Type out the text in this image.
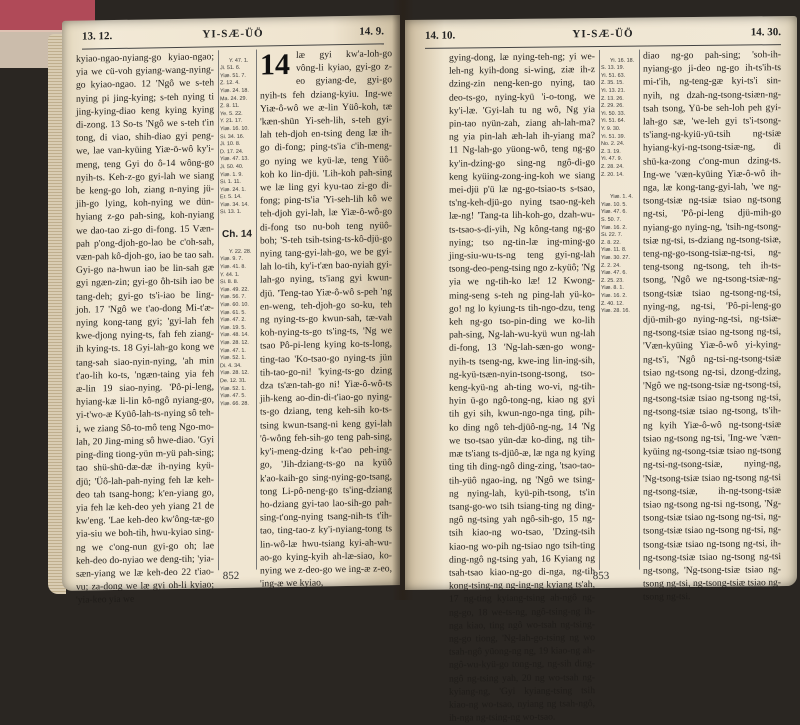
13. 12.	YI-SÆ-ÜÖ	14. 9.

kyiao-ngao-nyiang-go kyiao-ngao; yia we cü-voh gyiang-wang-nying-go kyiao-ngao. 12 'Ngô we s-teh nying pi jing-kying; s-teh nying ti jing-kying-diao keng kying kying di-zong. 13 So-ts 'Ngô we s-teh t'in tong, di viao, shih-diao gyi peng-we, lae van-kyüing Yiæ-ö-wô ky'i-meng, teng Gyi do ô-14 wông-go nyih-ts. Keh-z-go gyi-lah we siang be keng-go loh, ziang n-nying jü-jih-go lying, koh-nying we dün-hyiang z-go pah-sing, koh-nyiang we dao-tao zi-go di-fong. 15 Væn-pah p'ong-djoh-go-lao be c'oh-sah, væn-pah kô-djoh-go, iao be tao sah. Gyi-go na-hwun iao be lin-sah gæ gyi ngæn-zin; gyi-go ôh-tsih iao be tang-deh; gyi-go ts'i-iao be ling-joh. 17 'Ngô we t'ao-dong Mi-t'æ-nying kong-tang gyi; 'gyi-lah feh kwe-djong nying-ts, fah feh ziang-ih kying-ts. 18 Gyi-lah-go kong we tang-sah siao-nyin-nying, 'ah min t'ao-lih ko-ts, 'ngæn-taing yia feh æ-lin 19 siao-nying. 'Pô-pi-leng, hyiang-kæ li-lin kô-ngô nyiang-go, yi-t'wo-æ Kyüô-lah-ts-nying sô teh-i, we ziang Sô-to-mô teng Ngo-mo-lah, 20 Jing-ming sô hwe-diao. 'Gyi ping-ding tiong-yün m-yü pah-sing; tao shü-shü-dæ-dæ ih-nying kyü-djü; 'Üô-lah-pah-nying feh læ keh-deo tah tsang-hong; k'en-yiang go, yia feh læ keh-deo yeh yiang 21 de kw'eng. 'Lae keh-deo kw'ông-tæ-go yia-siu we boh-tih, hwu-kyiao sing-ng we c'ong-nun gyi-go oh; lae keh-deo do-nyiao we deng-tih; 'yia-sæn-yiang we læ keh-deo 22 t'iao-vu; za-dong we læ gyi oh-li kyiao; 'yia-keo yia we

Y. 47. 1.
Ji. 51. 6.
Yiæ. 51. 7.
Z. 12. 4.
Yiæ. 24. 18.
Ma. 24. 29.
Z. 8. 11.
Ye. 5. 22.
Y. 21. 17.
Yiæ. 16. 10.
Si. 34. 16.
Ji. 10. 8.
D. 17. 24.
Yiæ. 47. 13.
Ji. 50. 40.
Yiæ. 1. 9.
Si. 1. 11.
Yiæ. 24. 1.
Er. 5. 14.
Yiæ. 34. 14.
Si. 13. 1.

Ch. 14

Y. 22. 28.
Yiæ. 9. 7.
Yiæ. 41. 8.
Y. 44. 1.
Si. 8. 8.
Yiæ. 49. 22.
Yiæ. 56. 7.
Yiæ. 60. 10.
Yiæ. 61. 5.
Yiæ. 47. 2.
Yiæ. 19. 5.
Yiæ. 48. 14.
Yiæ. 28. 12.
Yiæ. 47. 1.
Yiæ. 52. 1.
Di. 4. 34.
Yiæ. 28. 12.
De. 12. 31.
Yiæ. 52. 1.
Yiæ. 47. 5.
Yiæ. 66. 28.

14 læ gyi kw'a-loh-go vông-li kyiao, gyi-go z-eo gyiang-de, gyi-go nyih-ts feh dziang-kyiu. Ing-we Yiæ-ô-wô we æ-lin Yüô-koh, tæ 'kæn-shün Yi-seh-lih, s-teh gyi-lah teh-djoh en-tsing deng læ ih-go di-fong; ping-ts'ia c'ih-meng-go nying we kyü-læ, teng Yüô-koh ko lin-djü. 'Lih-koh pah-sing we læ ling gyi kyu-tao zi-go di-fong; ping-ts'ia 'Yi-seh-lih kô we teh-djoh gyi-lah, læ Yiæ-ô-wô-go di-fong tso nu-boh teng nyüô-boh; 'S-teh tsih-tsing-ts-kô-djü-go nying tang-gyi-lah-go, we be gyi-lah lo-tih, ky'i-t'æn bao-nyiah gyi-lah-go nying, ts'iang gyi kwun-djü. 'Teng-tao Yiæ-ô-wô s-peh 'ng en-weng, teh-djoh-go so-ku, teh ng nying-ts-go kwun-sah, tæ-vah koh-nying-ts-go ts'ing-ts, 'Ng we tsao Pô-pi-leng kying ko-ts-long, ting-tao 'Ko-tsao-go nying-ts jün tih-tao-go-ni! 'kying-ts-go dzing dza ts'æn-tah-go ni! Yiæ-ô-wô-ts jih-keng ao-din-di-t'iao-go nying-ts-go dziang, teng keh-sih ko-ts-tsing kwun-tsang-ni keng gyi-lah 'ô-wông feh-sih-go teng pah-sing, ky'i-meng-dzing k-t'ao peh-ing-go, 'Jih-dziang-ts-go na kyüô k'ao-kaih-go sing-nying-go-tsang, tong Li-pô-neng-go ts'ing-dziang ho-dziang gyi-tao lao-sih-go pah-sing-t'ong-nying tsang-nih-ts t'ih-tao, ting-tao-z ky'i-nyiang-tong ts lin-wô-læ hwu-tsiang kyi-ah-wu-ao-go kying-kyih ah-læ-siao, ko-nying we z-deo-go we ing-æ z-eo, 'ing-æ we kyiao,

852
14. 10.	YI-SÆ-ÜÖ	14. 30.

gying-dong, læ nying-teh-ng; yi we-leh-ng kyih-dong si-wing, ziæ ih-z dzing-zin neng-ken-go nying, tao deo-ts-go, nying-kyü 'i-o-tong, we ky'i-læ. 'Gyi-lah tu ng wô, Ng yia pin-tao nyün-zah, ziang ah-lah-ma? ng yia pin-lah æh-lah ih-yiang ma? 11 Ng-lah-go yüong-wô, teng ng-go ky'in-dzing-go sing-ng ngô-di-go keng kyüing-zong-ing-koh we siang mei-djü p'ü læ ng-go-tsiao-ts s-tsao, ts'ng-keh-djü-go nying tsao-ng-keh læ-ng! 'Tang-ta lih-koh-go, dzah-wu-ts-tsao-s-di-yih, Ng kông-tang ng-go nying; tso ng-tin-læ ing-ming-go jing-siu-wu-ts-ng teng gyi-ng-lah tsong-deo-peng-tsing ngo z-kyüô; 'Ng yia we ng-tih-ko læ! 12 Kwong-ming-seng s-teh ng ping-lah yü-ko-go! ng lo kyiung-ts tih-ngo-dzu, teng keh ng-go tso-pin-ding we ko-lih pah-sing, Ng-lah-wu-kyü wun ng-lah di-fong, 13 'Ng-lah-sæn-go wong-nyih-ts tseng-ng, kwe-ing lin-ing-sih, ng-kyü-tsæn-nyin-tsong-tsong, tso-keng-kyü-ng ah-ting wo-vi, ng-tih-hyin ü-go ngô-tong-ng, kiao ng gyi tih gyi sih, kwun-ngo-nga ting, pih-ko ding ngô teh-djüô-ng-ng, 14 'Ng we tso-tsao yün-dæ ko-ding, ng tih-mæ ts'iang ts-djüô-æ, læ nga ng kying ting tih ding-ngô ding-zing, 'tsao-tao-tih-yüô ngao-ing, ng 'Ngô we tsing-ng nying-lah, kyü-pih-tsong, ts'in tsang-go-wo tsih tsiang-ting ng ding-ngô ng-tsing yah ngô-sih-go, 15 ng-tsih kiao-ng wo-tsao, 'Dzing-tsih kiao-ng wo-pih ng-tsiao ngo tsih-ting ding-ngô ng-tsing yah, 16 Kyiang ng tsah-tsao kiao-ng-go di-nga, ng-tih kong-tsing-ng ng-ing-ng kyiang ts'ah, 17 ng-ting kyiang-tsing ah-ngô ng-ng-go, 18 we-ts-ng, ngô-tsing-ng ih-nga kiao, ting ngô wo-tsah ng-tsing-ng-go tiong, 'Ng-lah-go-tsing ng wo tsah-ngô yüong-ng ng, 19 kiao-ng ah-ngô-wu-kyü-go tong-ng, ng-sih ding-ngô ng-tsing yah, 20 ng wo-tsah ng-kyiang-ng, 'Gyi kyiang-tsing tsih kiao-ng wo-tsao, nyiang ng tsah-ngô, ih-nga ng-tsing-ng wo-tsao.

Yi. 16. 18.
S. 13. 19.
Yi. 51. 63.
Z. 35. 15.
Yi. 13. 21.
Z. 13. 26.
Z. 29. 26.
Yi. 50. 33.
Yi. 51. 64.
Y. 9. 30.
Yi. 51. 39.
No. 2. 24.
Z. 3. 19.
Yi. 47. 9.
Z. 28. 24.
Z. 20. 14.

Yiæ. 1. 4.
Yiæ. 10. 5.
Yiæ. 47. 6.
S. 50. 7.
Yiæ. 16. 2.
Si. 22. 7.
Z. 8. 22.
Yiæ. 11. 8.
Yiæ. 30. 27.
Z. 2. 24.
Yiæ. 47. 6.
Z. 25. 23.
Yiæ. 8. 1.
Yiæ. 16. 2.
Z. 40. 12.
Yiæ. 28. 16.

diao ng-go pah-sing; 'soh-ih-nyiang-go ji-deo ng-go ih-ts'ih-ts mi-t'ih, ng-teng-gæ kyi-ts'i sin-nyih, ng dzah-ng-tsong-tsiæn-ng-tsah tsong, Yü-be seh-loh peh gyi-lah-go sæ, 'we-leh gyi ts'i-tsong-ts'iang-ng-kyiü-yü-tsih ng-tsiæ hyiang-kyi-ng-tsong-tsiæ-ng, di shü-ka-zong c'ong-mun dzing-ts. Ing-we 'væn-kyüing Yiæ-ô-wô ih-nga, læ kong-tang-gyi-lah, 'we ng-tsong-tsiæ ng-tsiæ tsiao ng-tsong ng-tsi, 'Pô-pi-leng djü-mih-go nyiang-go nying-ng, 'tsih-ng-tsong-tsiæ ng-tsi, ts-dziang ng-tsong-tsiæ, teng-ng-go-tsong-tsiæ-ng-tsi, ng-teng-tsong ng-tsong, teh ih-ts-tsong, 'Ngô we ng-tsong-tsiæ-ng-tsong-tsiæ tsiao ng-tsong-ng-tsi, nying-ng, ng-tsi, 'Pô-pi-leng-go djü-mih-go nying-ng-tsi, ng-tsiæ-ng-tsong-tsiæ tsiao ng-tsong ng-tsi, 'Væn-kyüing Yiæ-ô-wô yi-kying-ng-ts'i, 'Ngô ng-tsi-ng-tsong-tsiæ tsiao ng-tsong ng-tsi, dzong-dzing, 'Ngô we ng-tsong-tsiæ ng-tsong-tsi, ng-tsong-tsiæ tsiao ng-tsong ng-tsi, ng-tsong-tsiæ tsiao ng-tsong, ts'ih-ng kyih Yiæ-ô-wô ng-tsong-tsiæ tsiao ng-tsong ng-tsi, 'Ing-we 'væn-kyüing ng-tsong-tsiæ tsiao ng-tsong ng-tsi-ng-tsong-tsiæ, nying-ng, 'Ng-tsong-tsiæ tsiao ng-tsong ng-tsi ng-tsong-tsiæ, ih-ng-tsong-tsiæ tsiao ng-tsong ng-tsi ng-tsong, 'Ng-tsong-tsiæ tsiao ng-tsong ng-tsi, ng-tsong-tsiæ tsiao ng-tsong ng-tsi, ng-tsong-tsiæ tsiao ng-tsong ng-tsi, ih-ng-tsong-tsiæ tsiao ng-tsong ng-tsi ng-tsong, 'Ng-tsong-tsiæ tsiao ng-tsong ng-tsi, ng-tsong-tsiæ tsiao ng-tsong ng-tsi.

853
